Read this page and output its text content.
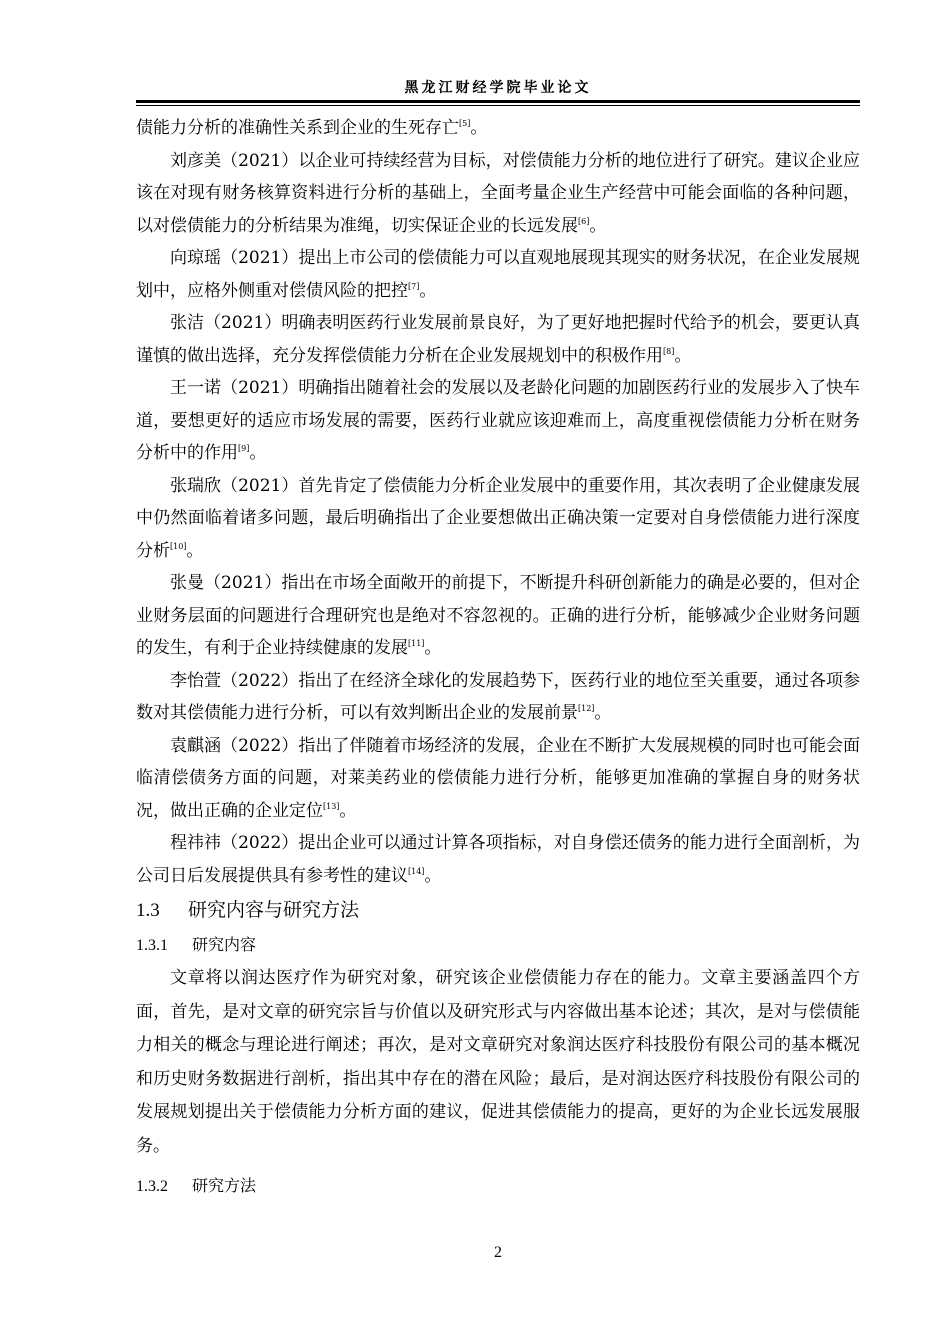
黑龙江财经学院毕业论文

债能力分析的准确性关系到企业的生死存亡[5]。

刘彦美（2021）以企业可持续经营为目标，对偿债能力分析的地位进行了研究。建议企业应该在对现有财务核算资料进行分析的基础上，全面考量企业生产经营中可能会面临的各种问题，以对偿债能力的分析结果为准绳，切实保证企业的长远发展[6]。

向琼瑶（2021）提出上市公司的偿债能力可以直观地展现其现实的财务状况，在企业发展规划中，应格外侧重对偿债风险的把控[7]。

张洁（2021）明确表明医药行业发展前景良好，为了更好地把握时代给予的机会，要更认真谨慎的做出选择，充分发挥偿债能力分析在企业发展规划中的积极作用[8]。

王一诺（2021）明确指出随着社会的发展以及老龄化问题的加剧医药行业的发展步入了快车道，要想更好的适应市场发展的需要，医药行业就应该迎难而上，高度重视偿债能力分析在财务分析中的作用[9]。

张瑞欣（2021）首先肯定了偿债能力分析企业发展中的重要作用，其次表明了企业健康发展中仍然面临着诸多问题，最后明确指出了企业要想做出正确决策一定要对自身偿债能力进行深度分析[10]。

张曼（2021）指出在市场全面敞开的前提下，不断提升科研创新能力的确是必要的，但对企业财务层面的问题进行合理研究也是绝对不容忽视的。正确的进行分析，能够减少企业财务问题的发生，有利于企业持续健康的发展[11]。

李怡萱（2022）指出了在经济全球化的发展趋势下，医药行业的地位至关重要，通过各项参数对其偿债能力进行分析，可以有效判断出企业的发展前景[12]。

袁麒涵（2022）指出了伴随着市场经济的发展，企业在不断扩大发展规模的同时也可能会面临清偿债务方面的问题，对莱美药业的偿债能力进行分析，能够更加准确的掌握自身的财务状况，做出正确的企业定位[13]。

程祎祎（2022）提出企业可以通过计算各项指标，对自身偿还债务的能力进行全面剖析，为公司日后发展提供具有参考性的建议[14]。

1.3 研究内容与研究方法
1.3.1 研究内容

文章将以润达医疗作为研究对象，研究该企业偿债能力存在的能力。文章主要涵盖四个方面，首先，是对文章的研究宗旨与价值以及研究形式与内容做出基本论述；其次，是对与偿债能力相关的概念与理论进行阐述；再次，是对文章研究对象润达医疗科技股份有限公司的基本概况和历史财务数据进行剖析，指出其中存在的潜在风险；最后，是对润达医疗科技股份有限公司的发展规划提出关于偿债能力分析方面的建议，促进其偿债能力的提高，更好的为企业长远发展服务。

1.3.2 研究方法
2
